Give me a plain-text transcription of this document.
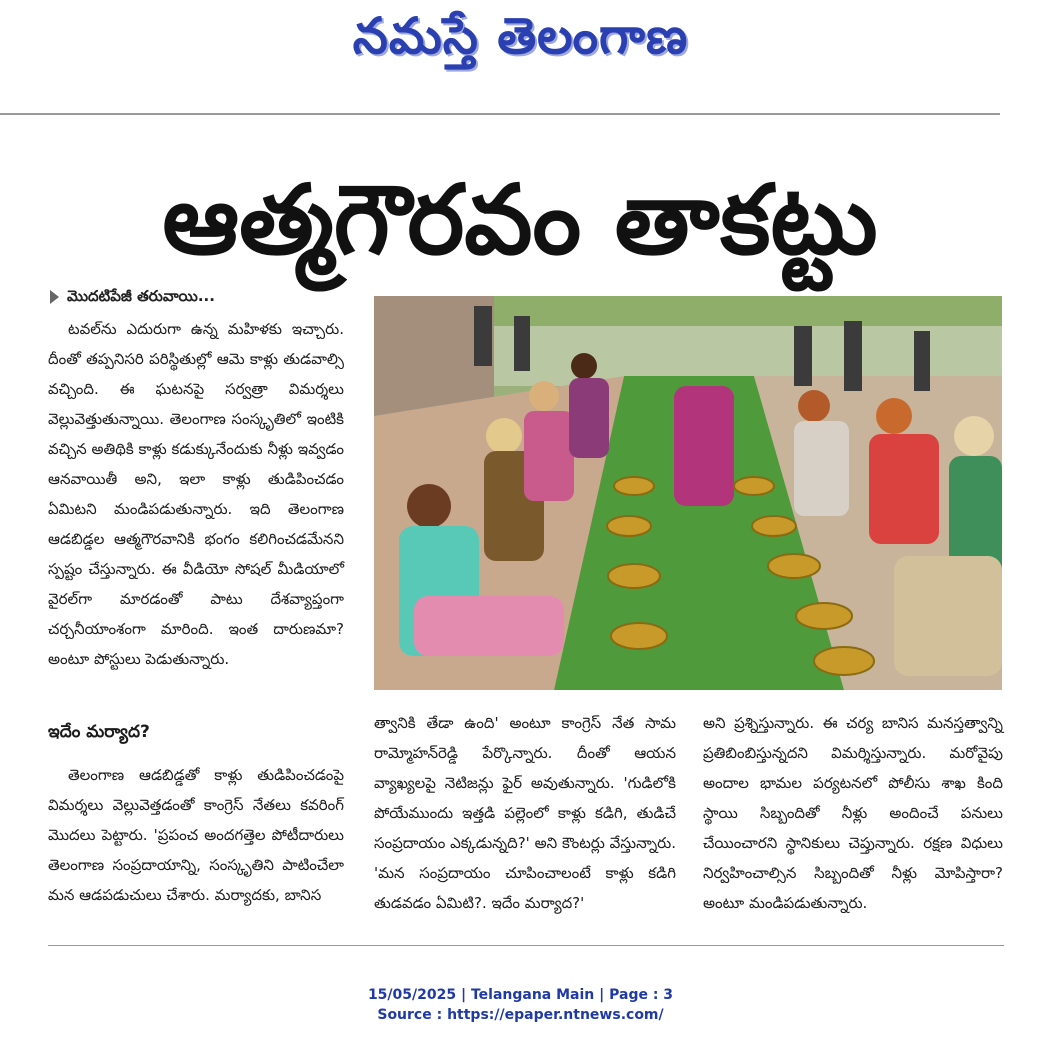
నమస్తే తెలంగాణ
ఆత్మగౌరవం తాకట్టు
మొదటిపేజీ తరువాయి...

టవల్‌ను ఎదురుగా ఉన్న మహిళకు ఇచ్చారు. దీంతో తప్పనిసరి పరిస్థితుల్లో ఆమె కాళ్లు తుడవాల్సి వచ్చింది. ఈ ఘటనపై సర్వత్రా విమర్శలు వెల్లువెత్తుతున్నాయి. తెలంగాణ సంస్కృతిలో ఇంటికి వచ్చిన అతిథికి కాళ్లు కడుక్కునేందుకు నీళ్లు ఇవ్వడం ఆనవాయితీ అని, ఇలా కాళ్లు తుడిపించడం ఏమిటని మండిపడుతున్నారు. ఇది తెలంగాణ ఆడబిడ్డల ఆత్మగౌరవానికి భంగం కలిగించడమేనని స్పష్టం చేస్తున్నారు. ఈ వీడియో సోషల్ మీడియాలో వైరల్‌గా మారడంతో పాటు దేశవ్యాప్తంగా చర్చనీయాంశంగా మారింది. ఇంత దారుణమా? అంటూ పోస్టులు పెడుతున్నారు.

ఇదేం మర్యాద?

తెలంగాణ ఆడబిడ్డతో కాళ్లు తుడిపించడంపై విమర్శలు వెల్లువెత్తడంతో కాంగ్రెస్ నేతలు కవరింగ్ మొదలు పెట్టారు. 'ప్రపంచ అందగత్తెల పోటీదారులు తెలంగాణ సంప్రదాయాన్ని, సంస్కృతిని పాటించేలా మన ఆడపడుచులు చేశారు. మర్యాదకు, బానిస

త్వానికి తేడా ఉంది' అంటూ కాంగ్రెస్ నేత సామ రామ్మోహన్‌రెడ్డి పేర్కొన్నారు. దీంతో ఆయన వ్యాఖ్యలపై నెటిజన్లు ఫైర్ అవుతున్నారు. 'గుడిలోకి పోయేముందు ఇత్తడి పల్లెంలో కాళ్లు కడిగి, తుడిచే సంప్రదాయం ఎక్కడున్నది?' అని కౌంటర్లు వేస్తున్నారు. 'మన సంప్రదాయం చూపించాలంటే కాళ్లు కడిగి తుడవడం ఏమిటి?. ఇదేం మర్యాద?'

అని ప్రశ్నిస్తున్నారు. ఈ చర్య బానిస మనస్తత్వాన్ని ప్రతిబింబిస్తున్నదని విమర్శిస్తున్నారు. మరోవైపు అందాల భామల పర్యటనలో పోలీసు శాఖ కింది స్థాయి సిబ్బందితో నీళ్లు అందించే పనులు చేయించారని స్థానికులు చెప్తున్నారు. రక్షణ విధులు నిర్వహించాల్సిన సిబ్బందితో నీళ్లు మోపిస్తారా? అంటూ మండిపడుతున్నారు.

15/05/2025 | Telangana Main | Page : 3
Source : https://epaper.ntnews.com/
